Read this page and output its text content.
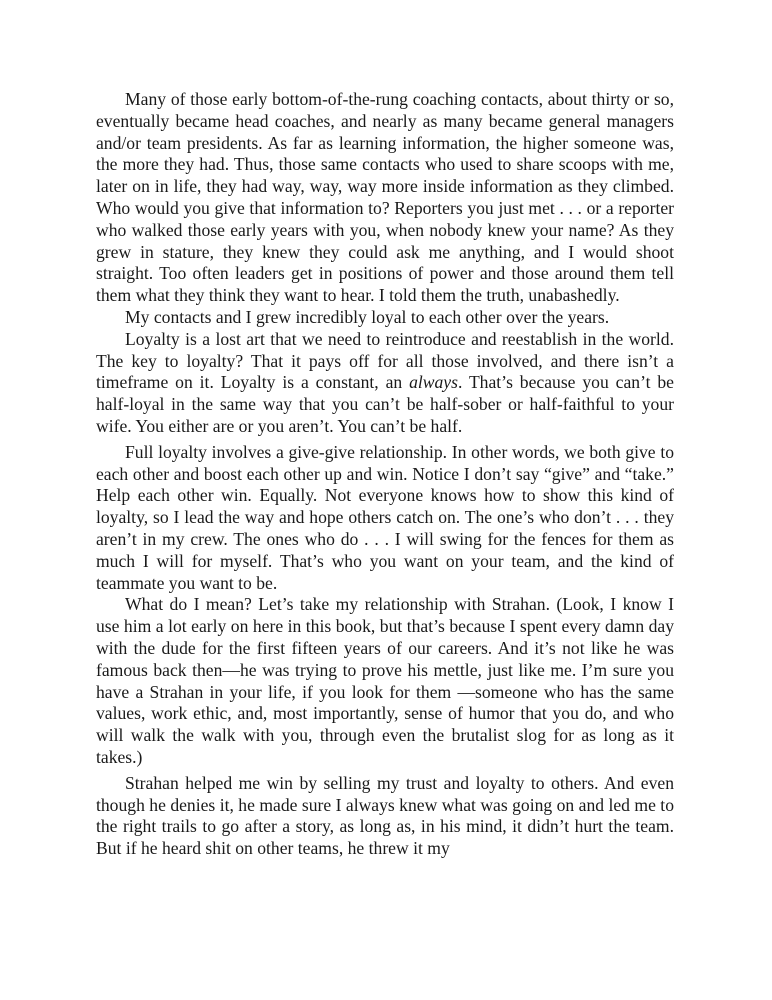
Many of those early bottom-of-the-rung coaching contacts, about thirty or so, eventually became head coaches, and nearly as many became general managers and/or team presidents. As far as learning information, the higher someone was, the more they had. Thus, those same contacts who used to share scoops with me, later on in life, they had way, way, way more inside information as they climbed. Who would you give that information to? Reporters you just met . . . or a reporter who walked those early years with you, when nobody knew your name? As they grew in stature, they knew they could ask me anything, and I would shoot straight. Too often leaders get in positions of power and those around them tell them what they think they want to hear. I told them the truth, unabashedly.

My contacts and I grew incredibly loyal to each other over the years.

Loyalty is a lost art that we need to reintroduce and reestablish in the world. The key to loyalty? That it pays off for all those involved, and there isn’t a timeframe on it. Loyalty is a constant, an always. That’s because you can’t be half-loyal in the same way that you can’t be half-sober or half-faithful to your wife. You either are or you aren’t. You can’t be half.

Full loyalty involves a give-give relationship. In other words, we both give to each other and boost each other up and win. Notice I don’t say “give” and “take.” Help each other win. Equally. Not everyone knows how to show this kind of loyalty, so I lead the way and hope others catch on. The one’s who don’t . . . they aren’t in my crew. The ones who do . . . I will swing for the fences for them as much I will for myself. That’s who you want on your team, and the kind of teammate you want to be.

What do I mean? Let’s take my relationship with Strahan. (Look, I know I use him a lot early on here in this book, but that’s because I spent every damn day with the dude for the first fifteen years of our careers. And it’s not like he was famous back then—he was trying to prove his mettle, just like me. I’m sure you have a Strahan in your life, if you look for them —someone who has the same values, work ethic, and, most importantly, sense of humor that you do, and who will walk the walk with you, through even the brutalist slog for as long as it takes.)

Strahan helped me win by selling my trust and loyalty to others. And even though he denies it, he made sure I always knew what was going on and led me to the right trails to go after a story, as long as, in his mind, it didn’t hurt the team. But if he heard shit on other teams, he threw it my
